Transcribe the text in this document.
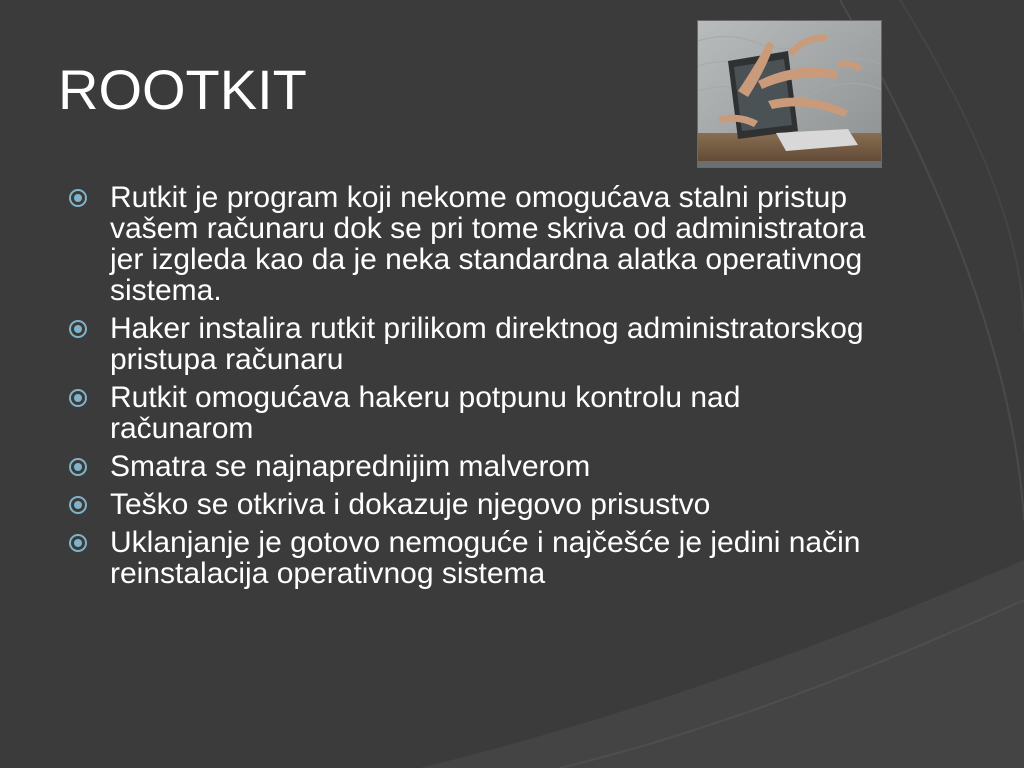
ROOTKIT
Rutkit je program koji nekome omogućava stalni pristup vašem računaru dok se pri tome skriva od administratora jer izgleda kao da je neka standardna alatka operativnog sistema.
Haker instalira rutkit prilikom direktnog administratorskog pristupa računaru
Rutkit omogućava hakeru potpunu kontrolu nad računarom
Smatra se najnaprednijim malverom
Teško se otkriva i dokazuje njegovo prisustvo
Uklanjanje je gotovo nemoguće i najčešće je jedini način reinstalacija operativnog sistema
